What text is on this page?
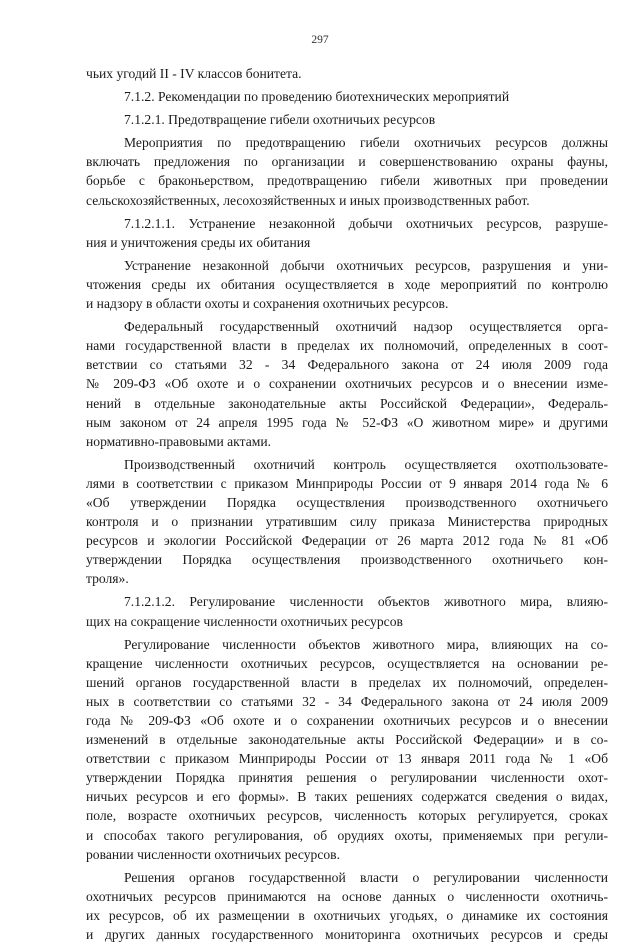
297
чьих угодий II - IV классов бонитета.
7.1.2. Рекомендации по проведению биотехнических мероприятий
7.1.2.1. Предотвращение гибели охотничьих ресурсов
Мероприятия по предотвращению гибели охотничьих ресурсов должны
включать предложения по организации и совершенствованию охраны фауны,
борьбе с браконьерством, предотвращению гибели животных при проведении
сельскохозяйственных, лесохозяйственных и иных производственных работ.
7.1.2.1.1. Устранение незаконной добычи охотничьих ресурсов, разруше-
ния и уничтожения среды их обитания
Устранение незаконной добычи охотничьих ресурсов, разрушения и уни-
чтожения среды их обитания осуществляется в ходе мероприятий по контролю
и надзору в области охоты и сохранения охотничьих ресурсов.
Федеральный государственный охотничий надзор осуществляется орга-
нами государственной власти в пределах их полномочий, определенных в соот-
ветствии со статьями 32 - 34 Федерального закона от 24 июля 2009 года
№ 209-ФЗ «Об охоте и о сохранении охотничьих ресурсов и о внесении изме-
нений в отдельные законодательные акты Российской Федерации», Федераль-
ным законом от 24 апреля 1995 года № 52-ФЗ «О животном мире» и другими
нормативно-правовыми актами.
Производственный охотничий контроль осуществляется охотпользовате-
лями в соответствии с приказом Минприроды России от 9 января 2014 года № 6
«Об утверждении Порядка осуществления производственного охотничьего
контроля и о признании утратившим силу приказа Министерства природных
ресурсов и экологии Российской Федерации от 26 марта 2012 года № 81 «Об
утверждении Порядка осуществления производственного охотничьего кон-
троля».
7.1.2.1.2. Регулирование численности объектов животного мира, влияю-
щих на сокращение численности охотничьих ресурсов
Регулирование численности объектов животного мира, влияющих на со-
кращение численности охотничьих ресурсов, осуществляется на основании ре-
шений органов государственной власти в пределах их полномочий, определен-
ных в соответствии со статьями 32 - 34 Федерального закона от 24 июля 2009
года № 209-ФЗ «Об охоте и о сохранении охотничьих ресурсов и о внесении
изменений в отдельные законодательные акты Российской Федерации» и в со-
ответствии с приказом Минприроды России от 13 января 2011 года № 1 «Об
утверждении Порядка принятия решения о регулировании численности охот-
ничьих ресурсов и его формы». В таких решениях содержатся сведения о видах,
поле, возрасте охотничьих ресурсов, численность которых регулируется, сроках
и способах такого регулирования, об орудиях охоты, применяемых при регули-
ровании численности охотничьих ресурсов.
Решения органов государственной власти о регулировании численности
охотничьих ресурсов принимаются на основе данных о численности охотничь-
их ресурсов, об их размещении в охотничьих угодьях, о динамике их состояния
и других данных государственного мониторинга охотничьих ресурсов и среды
